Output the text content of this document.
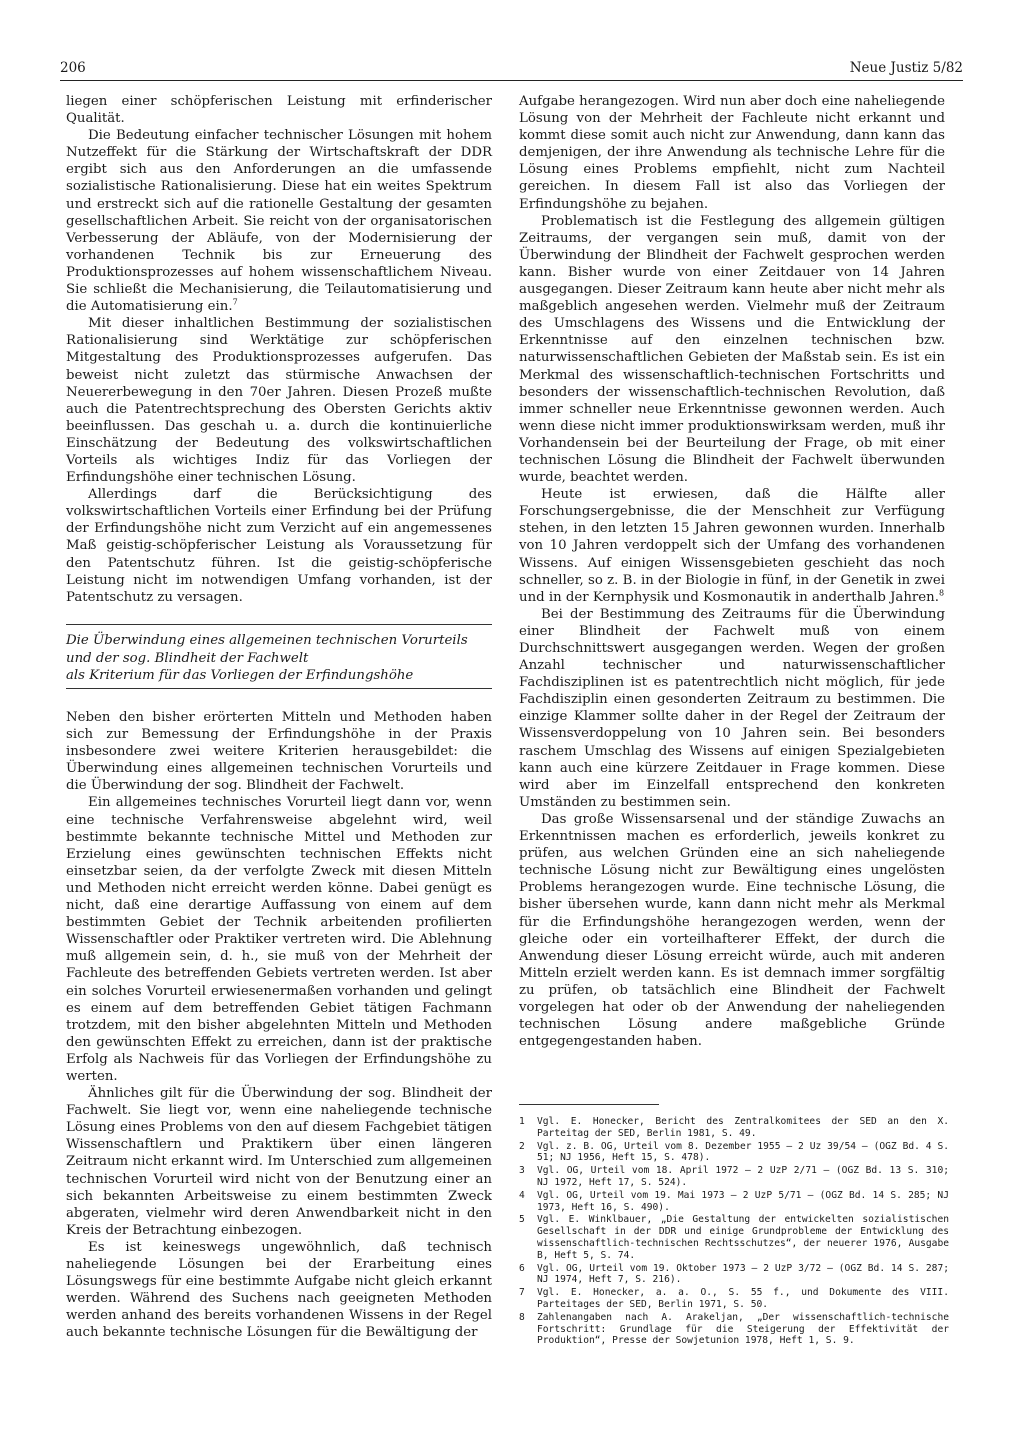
206	Neue Justiz 5/82

liegen einer schöpferischen Leistung mit erfinderischer Qualität.

Die Bedeutung einfacher technischer Lösungen mit hohem Nutzeffekt für die Stärkung der Wirtschaftskraft der DDR ergibt sich aus den Anforderungen an die umfassende sozialistische Rationalisierung. Diese hat ein weites Spektrum und erstreckt sich auf die rationelle Gestaltung der gesamten gesellschaftlichen Arbeit. Sie reicht von der organisatorischen Verbesserung der Abläufe, von der Modernisierung der vorhandenen Technik bis zur Erneuerung des Produktionsprozesses auf hohem wissenschaftlichem Niveau. Sie schließt die Mechanisierung, die Teilautomatisierung und die Automatisierung ein.$^7$

Mit dieser inhaltlichen Bestimmung der sozialistischen Rationalisierung sind Werktätige zur schöpferischen Mitgestaltung des Produktionsprozesses aufgerufen. Das beweist nicht zuletzt das stürmische Anwachsen der Neuererbewegung in den 70er Jahren. Diesen Prozeß mußte auch die Patentrechtsprechung des Obersten Gerichts aktiv beeinflussen. Das geschah u. a. durch die kontinuierliche Einschätzung der Bedeutung des volkswirtschaftlichen Vorteils als wichtiges Indiz für das Vorliegen der Erfindungshöhe einer technischen Lösung.

Allerdings darf die Berücksichtigung des volkswirtschaftlichen Vorteils einer Erfindung bei der Prüfung der Erfindungshöhe nicht zum Verzicht auf ein angemessenes Maß geistig-schöpferischer Leistung als Voraussetzung für den Patentschutz führen. Ist die geistig-schöpferische Leistung nicht im notwendigen Umfang vorhanden, ist der Patentschutz zu versagen.

Die Überwindung eines allgemeinen technischen Vorurteils
und der sog. Blindheit der Fachwelt
als Kriterium für das Vorliegen der Erfindungshöhe

Neben den bisher erörterten Mitteln und Methoden haben sich zur Bemessung der Erfindungshöhe in der Praxis insbesondere zwei weitere Kriterien herausgebildet: die Überwindung eines allgemeinen technischen Vorurteils und die Überwindung der sog. Blindheit der Fachwelt.

Ein allgemeines technisches Vorurteil liegt dann vor, wenn eine technische Verfahrensweise abgelehnt wird, weil bestimmte bekannte technische Mittel und Methoden zur Erzielung eines gewünschten technischen Effekts nicht einsetzbar seien, da der verfolgte Zweck mit diesen Mitteln und Methoden nicht erreicht werden könne. Dabei genügt es nicht, daß eine derartige Auffassung von einem auf dem bestimmten Gebiet der Technik arbeitenden profilierten Wissenschaftler oder Praktiker vertreten wird. Die Ablehnung muß allgemein sein, d. h., sie muß von der Mehrheit der Fachleute des betreffenden Gebiets vertreten werden. Ist aber ein solches Vorurteil erwiesenermaßen vorhanden und gelingt es einem auf dem betreffenden Gebiet tätigen Fachmann trotzdem, mit den bisher abgelehnten Mitteln und Methoden den gewünschten Effekt zu erreichen, dann ist der praktische Erfolg als Nachweis für das Vorliegen der Erfindungshöhe zu werten.

Ähnliches gilt für die Überwindung der sog. Blindheit der Fachwelt. Sie liegt vor, wenn eine naheliegende technische Lösung eines Problems von den auf diesem Fachgebiet tätigen Wissenschaftlern und Praktikern über einen längeren Zeitraum nicht erkannt wird. Im Unterschied zum allgemeinen technischen Vorurteil wird nicht von der Benutzung einer an sich bekannten Arbeitsweise zu einem bestimmten Zweck abgeraten, vielmehr wird deren Anwendbarkeit nicht in den Kreis der Betrachtung einbezogen.

Es ist keineswegs ungewöhnlich, daß technisch naheliegende Lösungen bei der Erarbeitung eines Lösungswegs für eine bestimmte Aufgabe nicht gleich erkannt werden. Während des Suchens nach geeigneten Methoden werden anhand des bereits vorhandenen Wissens in der Regel auch bekannte technische Lösungen für die Bewältigung der

Aufgabe herangezogen. Wird nun aber doch eine naheliegende Lösung von der Mehrheit der Fachleute nicht erkannt und kommt diese somit auch nicht zur Anwendung, dann kann das demjenigen, der ihre Anwendung als technische Lehre für die Lösung eines Problems empfiehlt, nicht zum Nachteil gereichen. In diesem Fall ist also das Vorliegen der Erfindungshöhe zu bejahen.

Problematisch ist die Festlegung des allgemein gültigen Zeitraums, der vergangen sein muß, damit von der Überwindung der Blindheit der Fachwelt gesprochen werden kann. Bisher wurde von einer Zeitdauer von 14 Jahren ausgegangen. Dieser Zeitraum kann heute aber nicht mehr als maßgeblich angesehen werden. Vielmehr muß der Zeitraum des Umschlagens des Wissens und die Entwicklung der Erkenntnisse auf den einzelnen technischen bzw. naturwissenschaftlichen Gebieten der Maßstab sein. Es ist ein Merkmal des wissenschaftlich-technischen Fortschritts und besonders der wissenschaftlich-technischen Revolution, daß immer schneller neue Erkenntnisse gewonnen werden. Auch wenn diese nicht immer produktionswirksam werden, muß ihr Vorhandensein bei der Beurteilung der Frage, ob mit einer technischen Lösung die Blindheit der Fachwelt überwunden wurde, beachtet werden.

Heute ist erwiesen, daß die Hälfte aller Forschungsergebnisse, die der Menschheit zur Verfügung stehen, in den letzten 15 Jahren gewonnen wurden. Innerhalb von 10 Jahren verdoppelt sich der Umfang des vorhandenen Wissens. Auf einigen Wissensgebieten geschieht das noch schneller, so z. B. in der Biologie in fünf, in der Genetik in zwei und in der Kernphysik und Kosmonautik in anderthalb Jahren.$^8$

Bei der Bestimmung des Zeitraums für die Überwindung einer Blindheit der Fachwelt muß von einem Durchschnittswert ausgegangen werden. Wegen der großen Anzahl technischer und naturwissenschaftlicher Fachdisziplinen ist es patentrechtlich nicht möglich, für jede Fachdisziplin einen gesonderten Zeitraum zu bestimmen. Die einzige Klammer sollte daher in der Regel der Zeitraum der Wissensverdoppelung von 10 Jahren sein. Bei besonders raschem Umschlag des Wissens auf einigen Spezialgebieten kann auch eine kürzere Zeitdauer in Frage kommen. Diese wird aber im Einzelfall entsprechend den konkreten Umständen zu bestimmen sein.

Das große Wissensarsenal und der ständige Zuwachs an Erkenntnissen machen es erforderlich, jeweils konkret zu prüfen, aus welchen Gründen eine an sich naheliegende technische Lösung nicht zur Bewältigung eines ungelösten Problems herangezogen wurde. Eine technische Lösung, die bisher übersehen wurde, kann dann nicht mehr als Merkmal für die Erfindungshöhe herangezogen werden, wenn der gleiche oder ein vorteilhafterer Effekt, der durch die Anwendung dieser Lösung erreicht würde, auch mit anderen Mitteln erzielt werden kann. Es ist demnach immer sorgfältig zu prüfen, ob tatsächlich eine Blindheit der Fachwelt vorgelegen hat oder ob der Anwendung der naheliegenden technischen Lösung andere maßgebliche Gründe entgegengestanden haben.

1	Vgl. E. Honecker, Bericht des Zentralkomitees der SED an den X. Parteitag der SED, Berlin 1981, S. 49.
2	Vgl. z. B. OG, Urteil vom 8. Dezember 1955 – 2 Uz 39/54 – (OGZ Bd. 4 S. 51; NJ 1956, Heft 15, S. 478).
3	Vgl. OG, Urteil vom 18. April 1972 – 2 UzP 2/71 – (OGZ Bd. 13 S. 310; NJ 1972, Heft 17, S. 524).
4	Vgl. OG, Urteil vom 19. Mai 1973 – 2 UzP 5/71 – (OGZ Bd. 14 S. 285; NJ 1973, Heft 16, S. 490).
5	Vgl. E. Winklbauer, „Die Gestaltung der entwickelten sozialistischen Gesellschaft in der DDR und einige Grundprobleme der Entwicklung des wissenschaftlich-technischen Rechtsschutzes“, der neuerer 1976, Ausgabe B, Heft 5, S. 74.
6	Vgl. OG, Urteil vom 19. Oktober 1973 – 2 UzP 3/72 – (OGZ Bd. 14 S. 287; NJ 1974, Heft 7, S. 216).
7	Vgl. E. Honecker, a. a. O., S. 55 f., und Dokumente des VIII. Parteitages der SED, Berlin 1971, S. 50.
8	Zahlenangaben nach A. Arakeljan, „Der wissenschaftlich-technische Fortschritt: Grundlage für die Steigerung der Effektivität der Produktion“, Presse der Sowjetunion 1978, Heft 1, S. 9.
